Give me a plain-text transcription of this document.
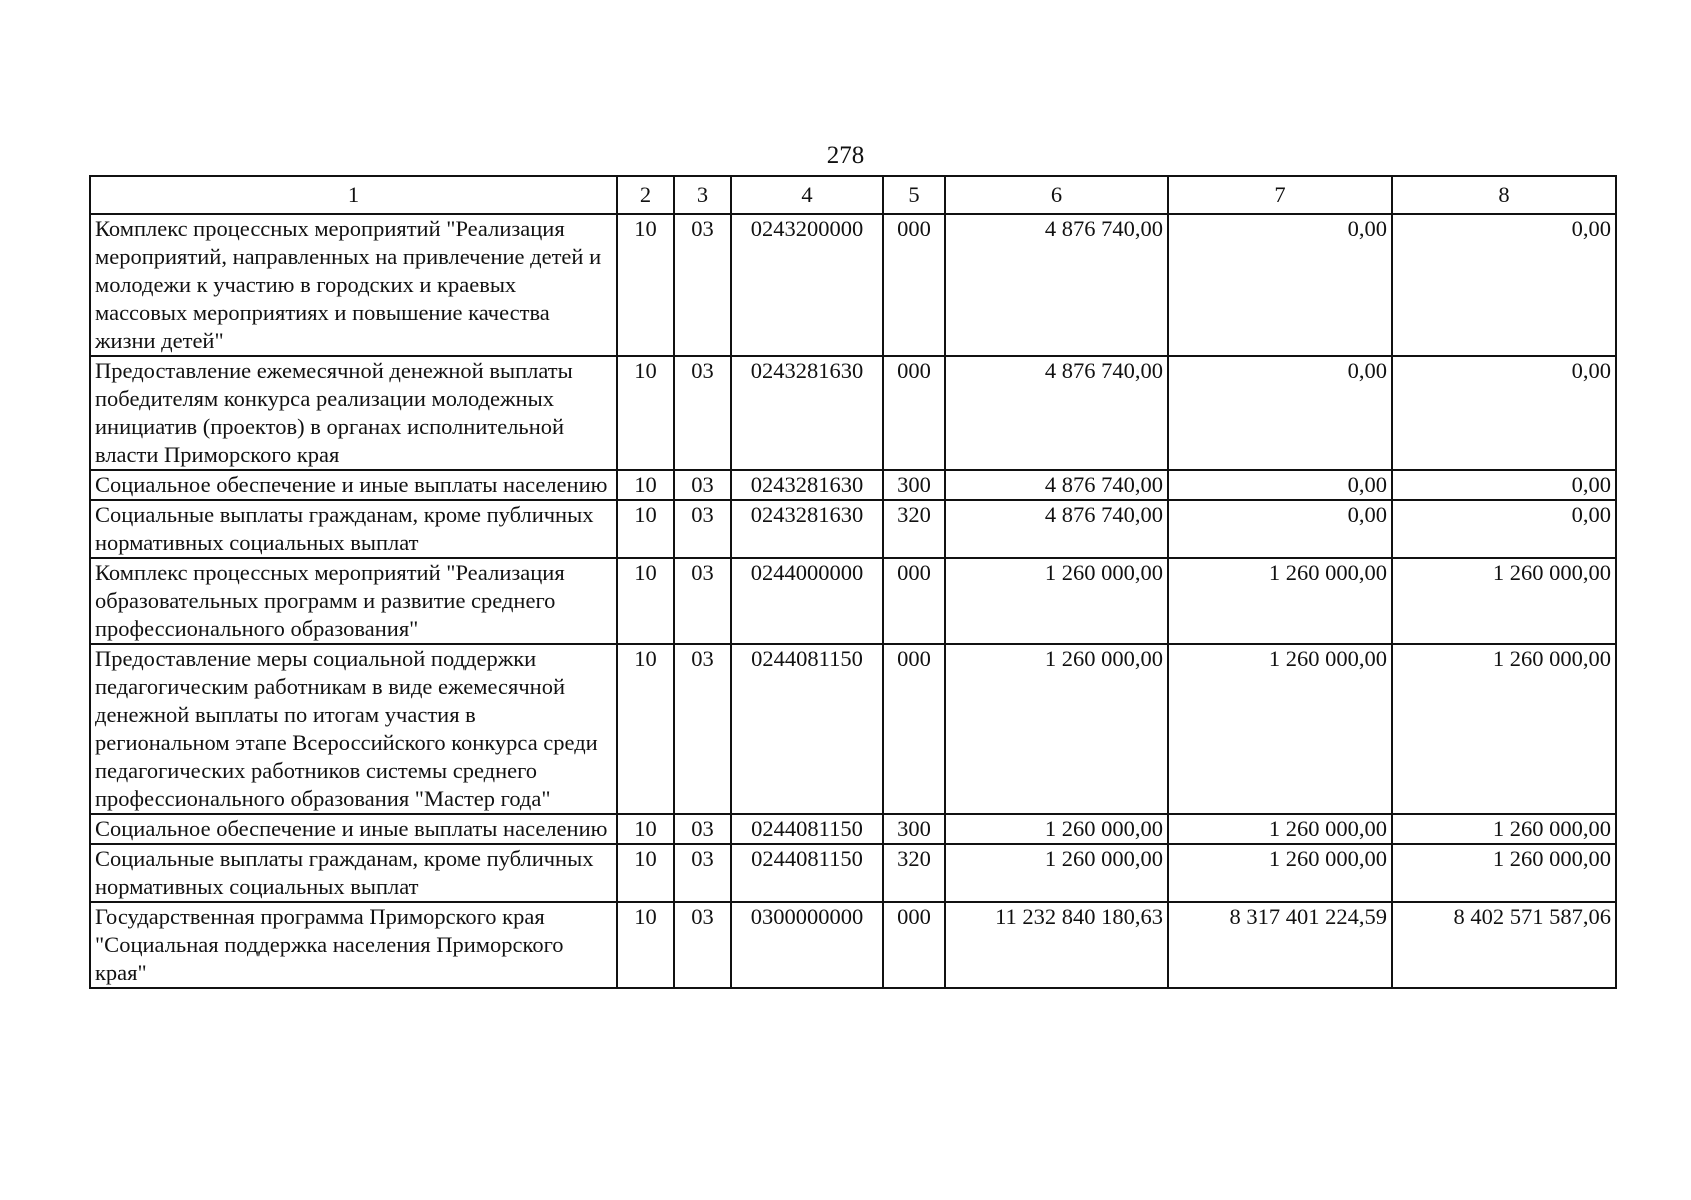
278
1	2	3	4	5	6	7	8
Комплекс процессных мероприятий "Реализация мероприятий, направленных на привлечение детей и молодежи к участию в городских и краевых массовых мероприятиях и повышение качества жизни детей"	10	03	0243200000	000	4 876 740,00	0,00	0,00
Предоставление ежемесячной денежной выплаты победителям конкурса реализации молодежных инициатив (проектов) в органах исполнительной власти Приморского края	10	03	0243281630	000	4 876 740,00	0,00	0,00
Социальное обеспечение и иные выплаты населению	10	03	0243281630	300	4 876 740,00	0,00	0,00
Социальные выплаты гражданам, кроме публичных нормативных социальных выплат	10	03	0243281630	320	4 876 740,00	0,00	0,00
Комплекс процессных мероприятий "Реализация образовательных программ и развитие среднего профессионального образования"	10	03	0244000000	000	1 260 000,00	1 260 000,00	1 260 000,00
Предоставление меры социальной поддержки педагогическим работникам в виде ежемесячной денежной выплаты по итогам участия в региональном этапе Всероссийского конкурса среди педагогических работников системы среднего профессионального образования "Мастер года"	10	03	0244081150	000	1 260 000,00	1 260 000,00	1 260 000,00
Социальное обеспечение и иные выплаты населению	10	03	0244081150	300	1 260 000,00	1 260 000,00	1 260 000,00
Социальные выплаты гражданам, кроме публичных нормативных социальных выплат	10	03	0244081150	320	1 260 000,00	1 260 000,00	1 260 000,00
Государственная программа Приморского края "Социальная поддержка населения Приморского края"	10	03	0300000000	000	11 232 840 180,63	8 317 401 224,59	8 402 571 587,06
